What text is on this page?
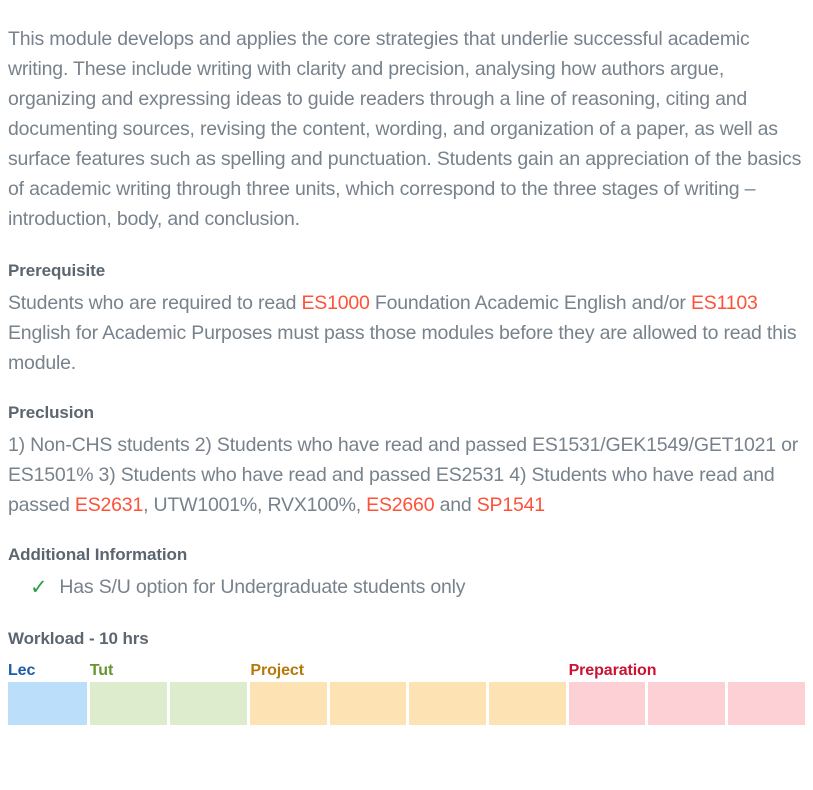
This module develops and applies the core strategies that underlie successful academic writing. These include writing with clarity and precision, analysing how authors argue, organizing and expressing ideas to guide readers through a line of reasoning, citing and documenting sources, revising the content, wording, and organization of a paper, as well as surface features such as spelling and punctuation. Students gain an appreciation of the basics of academic writing through three units, which correspond to the three stages of writing – introduction, body, and conclusion.

Prerequisite

Students who are required to read ES1000 Foundation Academic English and/or ES1103 English for Academic Purposes must pass those modules before they are allowed to read this module.

Preclusion

1) Non-CHS students 2) Students who have read and passed ES1531/GEK1549/GET1021 or ES1501% 3) Students who have read and passed ES2531 4) Students who have read and passed ES2631, UTW1001%, RVX100%, ES2660 and SP1541

Additional Information
✓ Has S/U option for Undergraduate students only
Workload - 10 hrs
Lec	Tut	Project	Preparation
